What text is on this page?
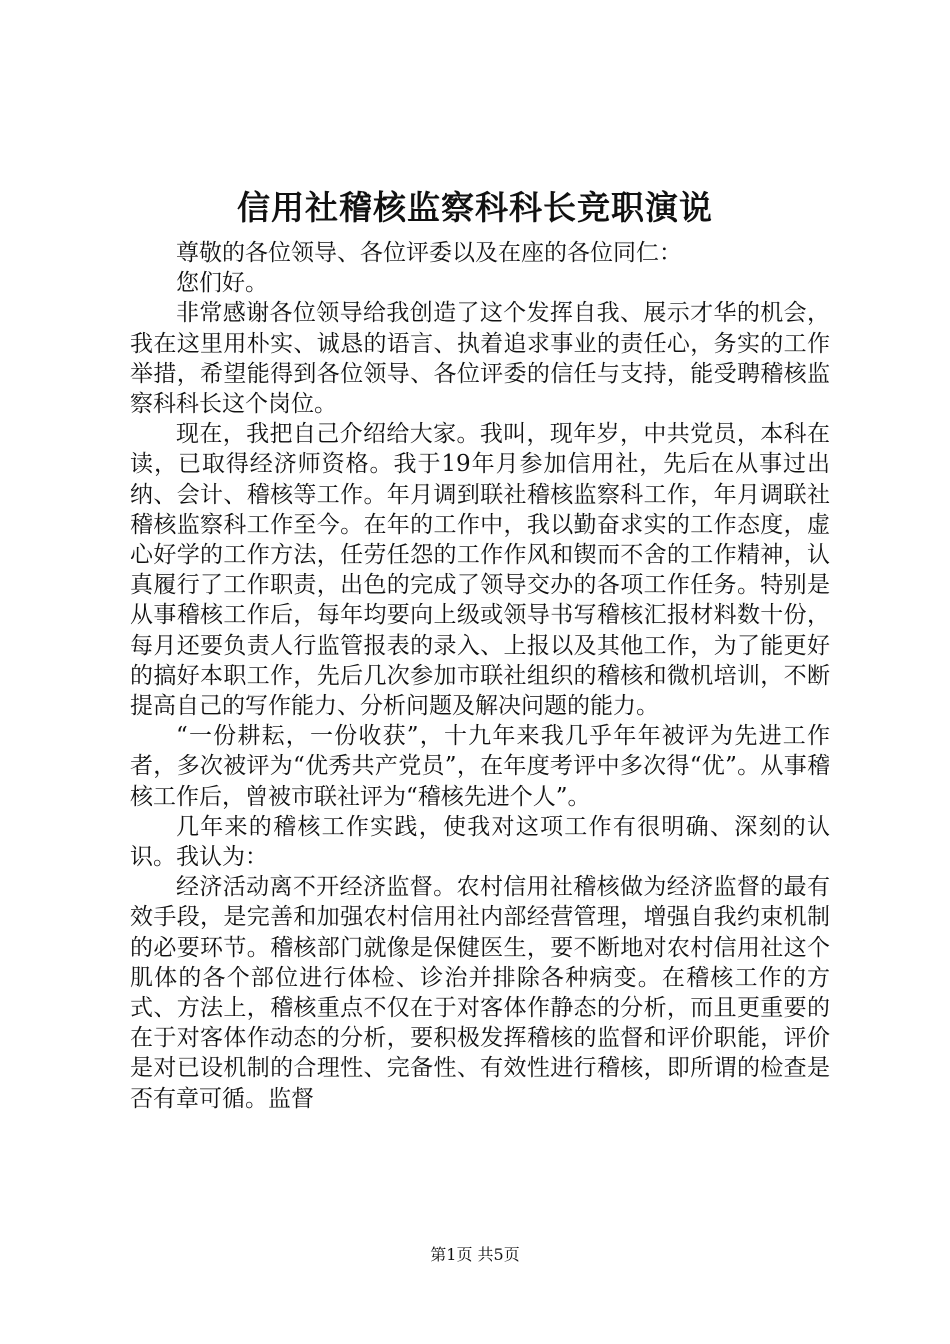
信用社稽核监察科科长竞职演说

尊敬的各位领导、各位评委以及在座的各位同仁：

您们好。

非常感谢各位领导给我创造了这个发挥自我、展示才华的机会，我在这里用朴实、诚恳的语言、执着追求事业的责任心，务实的工作举措，希望能得到各位领导、各位评委的信任与支持，能受聘稽核监察科科长这个岗位。

现在，我把自己介绍给大家。我叫，现年岁，中共党员，本科在读，已取得经济师资格。我于19年月参加信用社，先后在从事过出纳、会计、稽核等工作。年月调到联社稽核监察科工作，年月调联社稽核监察科工作至今。在年的工作中，我以勤奋求实的工作态度，虚心好学的工作方法，任劳任怨的工作作风和锲而不舍的工作精神，认真履行了工作职责，出色的完成了领导交办的各项工作任务。特别是从事稽核工作后，每年均要向上级或领导书写稽核汇报材料数十份，每月还要负责人行监管报表的录入、上报以及其他工作，为了能更好的搞好本职工作，先后几次参加市联社组织的稽核和微机培训，不断提高自己的写作能力、分析问题及解决问题的能力。

“一份耕耘，一份收获”，十九年来我几乎年年被评为先进工作者，多次被评为“优秀共产党员”，在年度考评中多次得“优”。从事稽核工作后，曾被市联社评为“稽核先进个人”。

几年来的稽核工作实践，使我对这项工作有很明确、深刻的认识。我认为：

经济活动离不开经济监督。农村信用社稽核做为经济监督的最有效手段，是完善和加强农村信用社内部经营管理，增强自我约束机制的必要环节。稽核部门就像是保健医生，要不断地对农村信用社这个肌体的各个部位进行体检、诊治并排除各种病变。在稽核工作的方式、方法上，稽核重点不仅在于对客体作静态的分析，而且更重要的在于对客体作动态的分析，要积极发挥稽核的监督和评价职能，评价是对已设机制的合理性、完备性、有效性进行稽核，即所谓的检查是否有章可循。监督

第1页 共5页
